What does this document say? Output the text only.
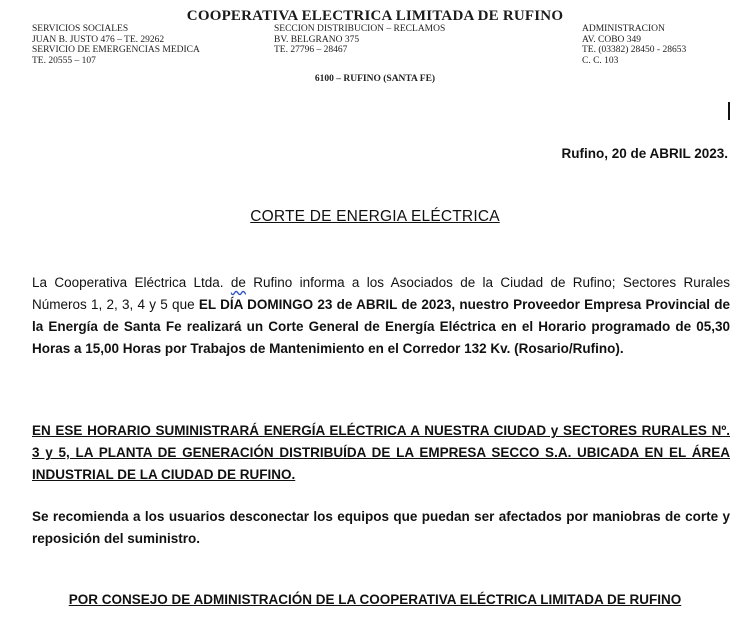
COOPERATIVA ELECTRICA LIMITADA DE RUFINO
SERVICIOS SOCIALES
JUAN B. JUSTO 476 – TE. 29262
SERVICIO DE EMERGENCIAS MEDICA
TE. 20555 – 107
SECCION DISTRIBUCION – RECLAMOS
BV. BELGRANO 375
TE. 27796 – 28467
ADMINISTRACION
AV. COBO 349
TE. (03382) 28450 - 28653
C. C. 103
6100 – RUFINO (SANTA FE)
Rufino, 20 de ABRIL 2023.
CORTE DE ENERGIA ELÉCTRICA
La Cooperativa Eléctrica Ltda. de Rufino informa a los Asociados de la Ciudad de Rufino; Sectores Rurales Números 1, 2, 3, 4 y 5 que EL DÍA DOMINGO 23 de ABRIL de 2023, nuestro Proveedor Empresa Provincial de la Energía de Santa Fe realizará un Corte General de Energía Eléctrica en el Horario programado de 05,30 Horas a 15,00 Horas por Trabajos de Mantenimiento en el Corredor 132 Kv. (Rosario/Rufino).
EN ESE HORARIO SUMINISTRARÁ ENERGÍA ELÉCTRICA A NUESTRA CIUDAD y SECTORES RURALES Nº. 3 y 5, LA PLANTA DE GENERACIÓN DISTRIBUÍDA DE LA EMPRESA SECCO S.A. UBICADA EN EL ÁREA INDUSTRIAL DE LA CIUDAD DE RUFINO.
Se recomienda a los usuarios desconectar los equipos que puedan ser afectados por maniobras de corte y reposición del suministro.
POR CONSEJO DE ADMINISTRACIÓN DE LA COOPERATIVA ELÉCTRICA LIMITADA DE RUFINO
